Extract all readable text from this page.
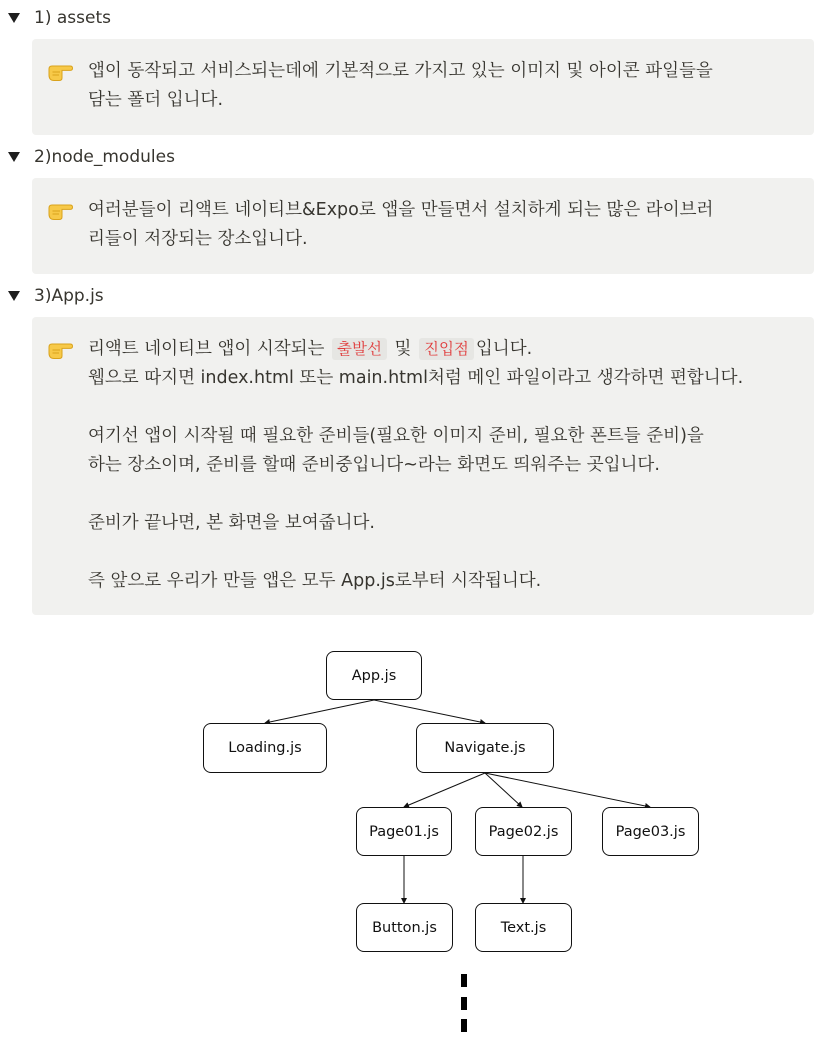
1) assets

앱이 동작되고 서비스되는데에 기본적으로 가지고 있는 이미지 및 아이콘 파일들을

담는 폴더 입니다.

2)node_modules

여러분들이 리액트 네이티브&Expo로 앱을 만들면서 설치하게 되는 많은 라이브러

리들이 저장되는 장소입니다.

3)App.js

리액트 네이티브 앱이 시작되는 출발선 및 진입점 입니다.

웹으로 따지면 index.html 또는 main.html처럼 메인 파일이라고 생각하면 편합니다.

여기선 앱이 시작될 때 필요한 준비들(필요한 이미지 준비, 필요한 폰트들 준비)을

하는 장소이며, 준비를 할때 준비중입니다~라는 화면도 띄워주는 곳입니다.

준비가 끝나면, 본 화면을 보여줍니다.

즉 앞으로 우리가 만들 앱은 모두 App.js로부터 시작됩니다.

App.js
Loading.js	Navigate.js
Page01.js	Page02.js	Page03.js
Button.js	Text.js
